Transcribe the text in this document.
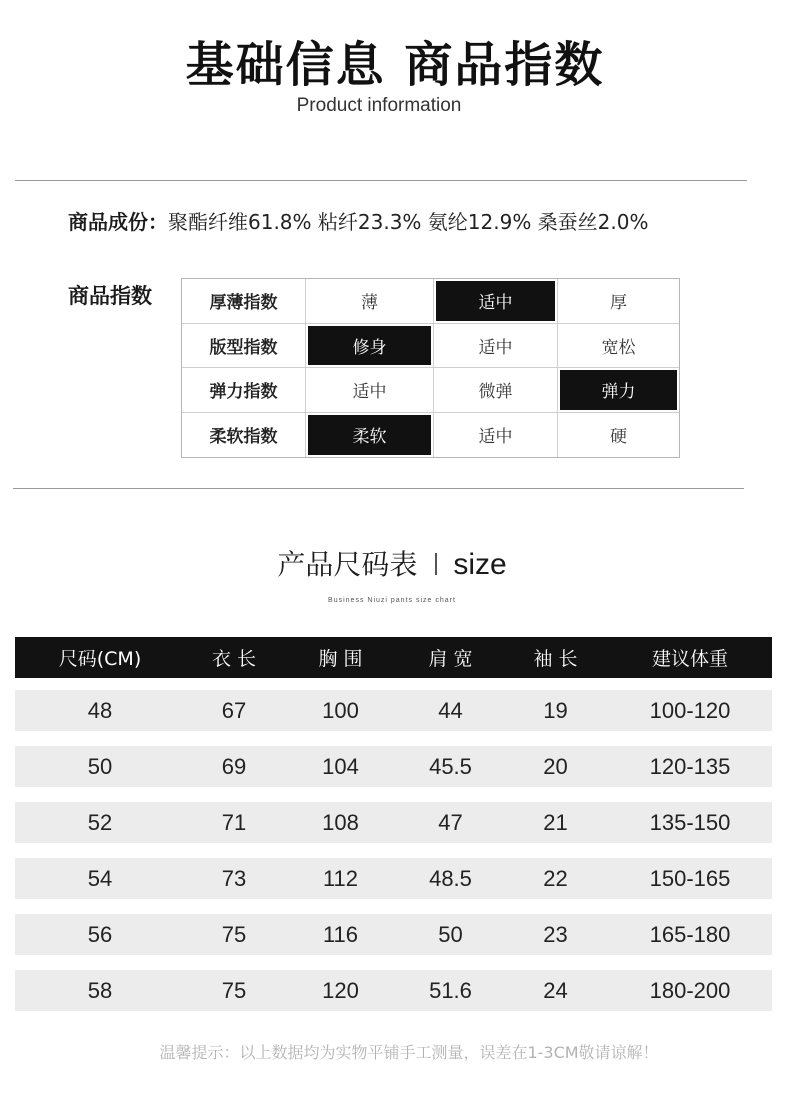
基础信息 商品指数
Product information
商品成份：聚酯纤维61.8% 粘纤23.3% 氨纶12.9% 桑蚕丝2.0%
商品指数	厚薄指数	薄	适中	厚
版型指数	修身	适中	宽松
弹力指数	适中	微弹	弹力
柔软指数	柔软	适中	硬
产品尺码表 size
Business Niuzi pants size chart
尺码(CM)	衣 长	胸 围	肩 宽	袖 长	建议体重
48	67	100	44	19	100-120
50	69	104	45.5	20	120-135
52	71	108	47	21	135-150
54	73	112	48.5	22	150-165
56	75	116	50	23	165-180
58	75	120	51.6	24	180-200
温馨提示：以上数据均为实物平铺手工测量，误差在1-3CM敬请谅解！
